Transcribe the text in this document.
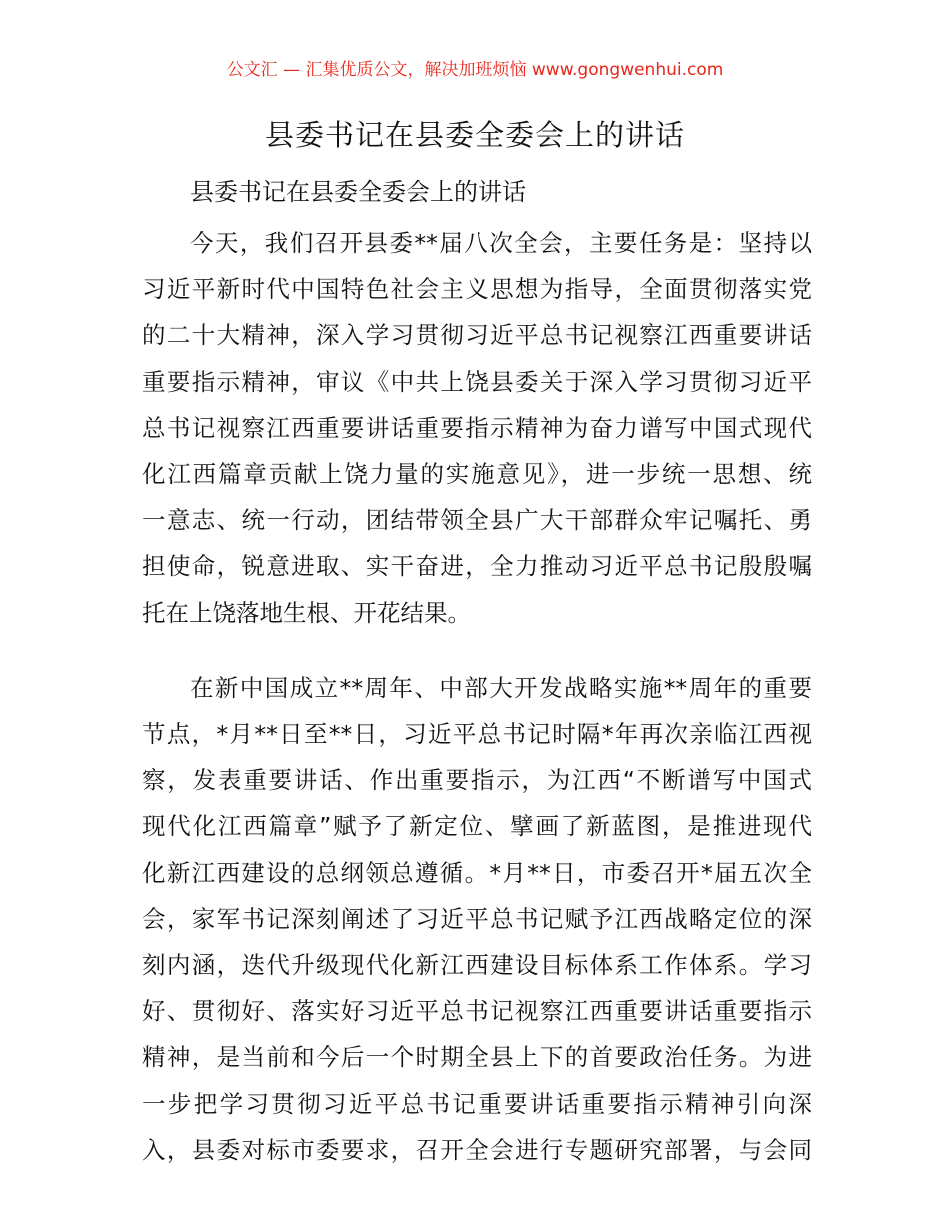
公文汇 — 汇集优质公文，解决加班烦恼 www.gongwenhui.com
县委书记在县委全委会上的讲话
县委书记在县委全委会上的讲话

今天，我们召开县委**届八次全会，主要任务是：坚持以
习近平新时代中国特色社会主义思想为指导，全面贯彻落实党
的二十大精神，深入学习贯彻习近平总书记视察江西重要讲话
重要指示精神，审议《中共上饶县委关于深入学习贯彻习近平
总书记视察江西重要讲话重要指示精神为奋力谱写中国式现代
化江西篇章贡献上饶力量的实施意见》，进一步统一思想、统
一意志、统一行动，团结带领全县广大干部群众牢记嘱托、勇
担使命，锐意进取、实干奋进，全力推动习近平总书记殷殷嘱
托在上饶落地生根、开花结果。

在新中国成立**周年、中部大开发战略实施**周年的重要
节点，*月**日至**日，习近平总书记时隔*年再次亲临江西视
察，发表重要讲话、作出重要指示，为江西“不断谱写中国式
现代化江西篇章”赋予了新定位、擘画了新蓝图，是推进现代
化新江西建设的总纲领总遵循。*月**日，市委召开*届五次全
会，家军书记深刻阐述了习近平总书记赋予江西战略定位的深
刻内涵，迭代升级现代化新江西建设目标体系工作体系。学习
好、贯彻好、落实好习近平总书记视察江西重要讲话重要指示
精神，是当前和今后一个时期全县上下的首要政治任务。为进
一步把学习贯彻习近平总书记重要讲话重要指示精神引向深
入，县委对标市委要求，召开全会进行专题研究部署，与会同
